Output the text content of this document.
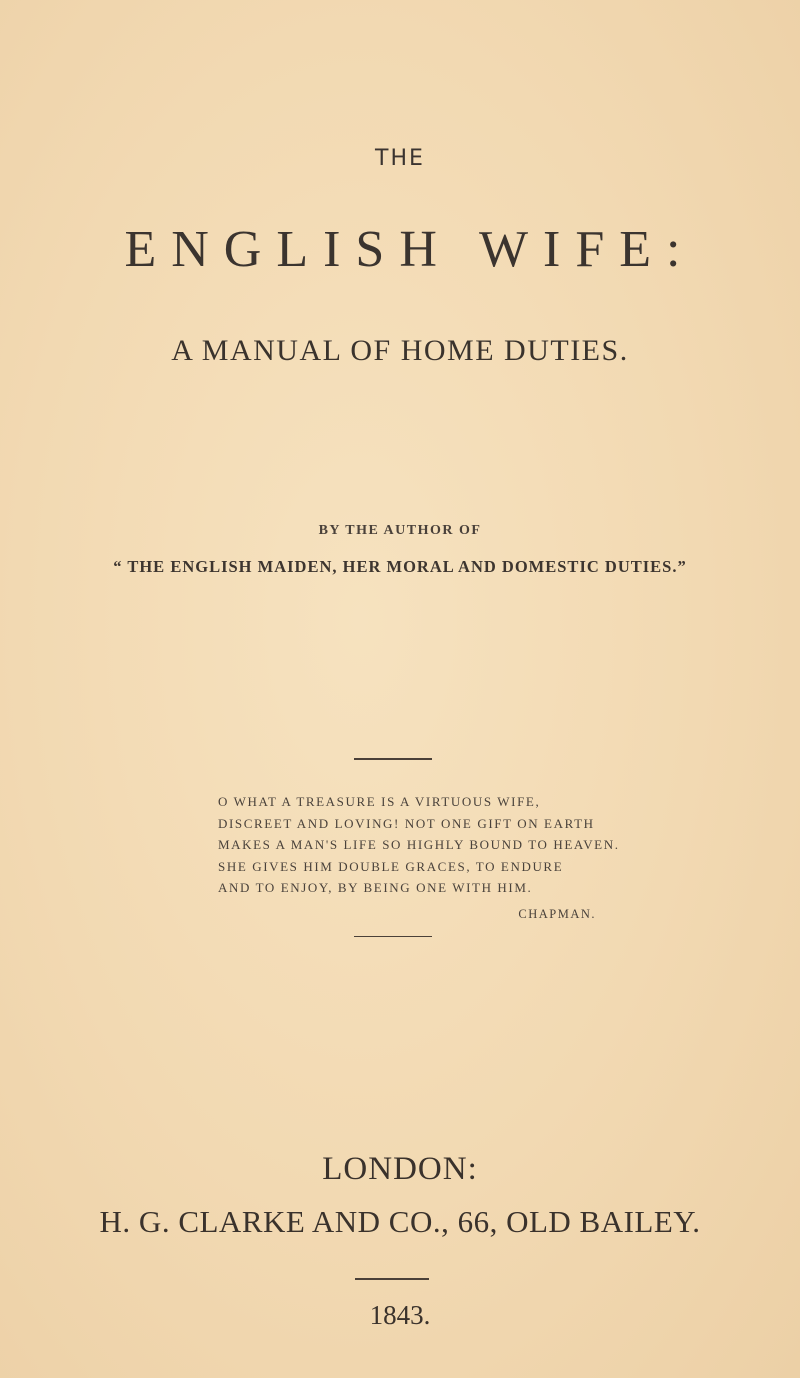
THE
ENGLISH WIFE:
A MANUAL OF HOME DUTIES.
BY THE AUTHOR OF
“ THE ENGLISH MAIDEN, HER MORAL AND DOMESTIC DUTIES.”
O WHAT A TREASURE IS A VIRTUOUS WIFE,
DISCREET AND LOVING! NOT ONE GIFT ON EARTH
MAKES A MAN'S LIFE SO HIGHLY BOUND TO HEAVEN.
SHE GIVES HIM DOUBLE GRACES, TO ENDURE
AND TO ENJOY, BY BEING ONE WITH HIM.
CHAPMAN.
LONDON:
H. G. CLARKE AND CO., 66, OLD BAILEY.
1843.
